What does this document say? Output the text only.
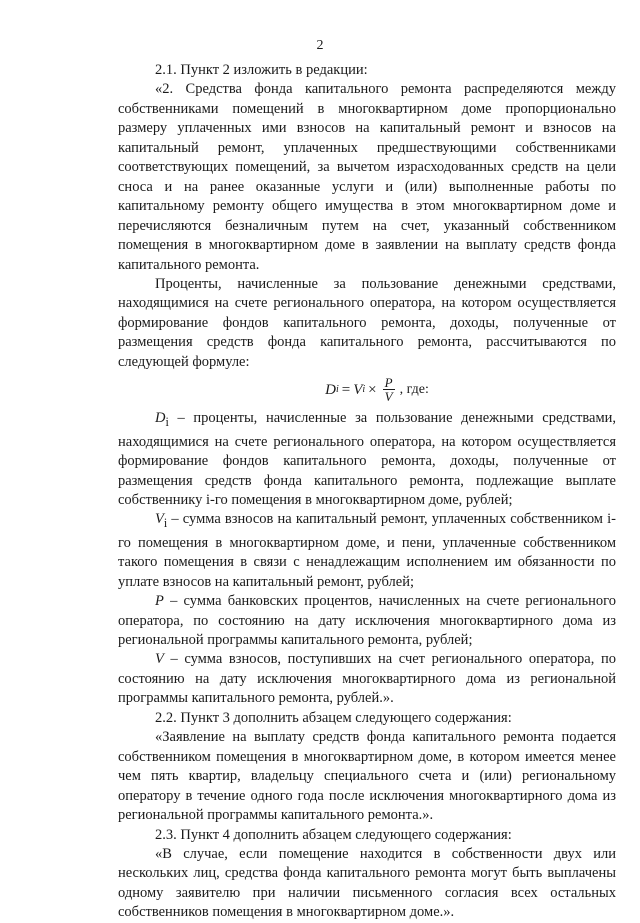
2

2.1. Пункт 2 изложить в редакции:

«2. Средства фонда капитального ремонта распределяются между собственниками помещений в многоквартирном доме пропорционально размеру уплаченных ими взносов на капитальный ремонт и взносов на капитальный ремонт, уплаченных предшествующими собственниками соответствующих помещений, за вычетом израсходованных средств на цели сноса и на ранее оказанные услуги и (или) выполненные работы по капитальному ремонту общего имущества в этом многоквартирном доме и перечисляются безналичным путем на счет, указанный собственником помещения в многоквартирном доме в заявлении на выплату средств фонда капитального ремонта.

Проценты, начисленные за пользование денежными средствами, находящимися на счете регионального оператора, на котором осуществляется формирование фондов капитального ремонта, доходы, полученные от размещения средств фонда капитального ремонта, рассчитываются по следующей формуле:

D i = V $i \times \frac{P}{V}$ , где:

$D_i$ – проценты, начисленные за пользование денежными средствами, находящимися на счете регионального оператора, на котором осуществляется формирование фондов капитального ремонта, доходы, полученные от размещения средств фонда капитального ремонта, подлежащие выплате собственнику i-го помещения в многоквартирном доме, рублей;

$V_i$ – сумма взносов на капитальный ремонт, уплаченных собственником i-го помещения в многоквартирном доме, и пени, уплаченные собственником такого помещения в связи с ненадлежащим исполнением им обязанности по уплате взносов на капитальный ремонт, рублей;

P – сумма банковских процентов, начисленных на счете регионального оператора, по состоянию на дату исключения многоквартирного дома из региональной программы капитального ремонта, рублей;

V – сумма взносов, поступивших на счет регионального оператора, по состоянию на дату исключения многоквартирного дома из региональной программы капитального ремонта, рублей.».

2.2. Пункт 3 дополнить абзацем следующего содержания:

«Заявление на выплату средств фонда капитального ремонта подается собственником помещения в многоквартирном доме, в котором имеется менее чем пять квартир, владельцу специального счета и (или) региональному оператору в течение одного года после исключения многоквартирного дома из региональной программы капитального ремонта.».

2.3. Пункт 4 дополнить абзацем следующего содержания:

«В случае, если помещение находится в собственности двух или нескольких лиц, средства фонда капитального ремонта могут быть выплачены одному заявителю при наличии письменного согласия всех остальных собственников помещения в многоквартирном доме.».
